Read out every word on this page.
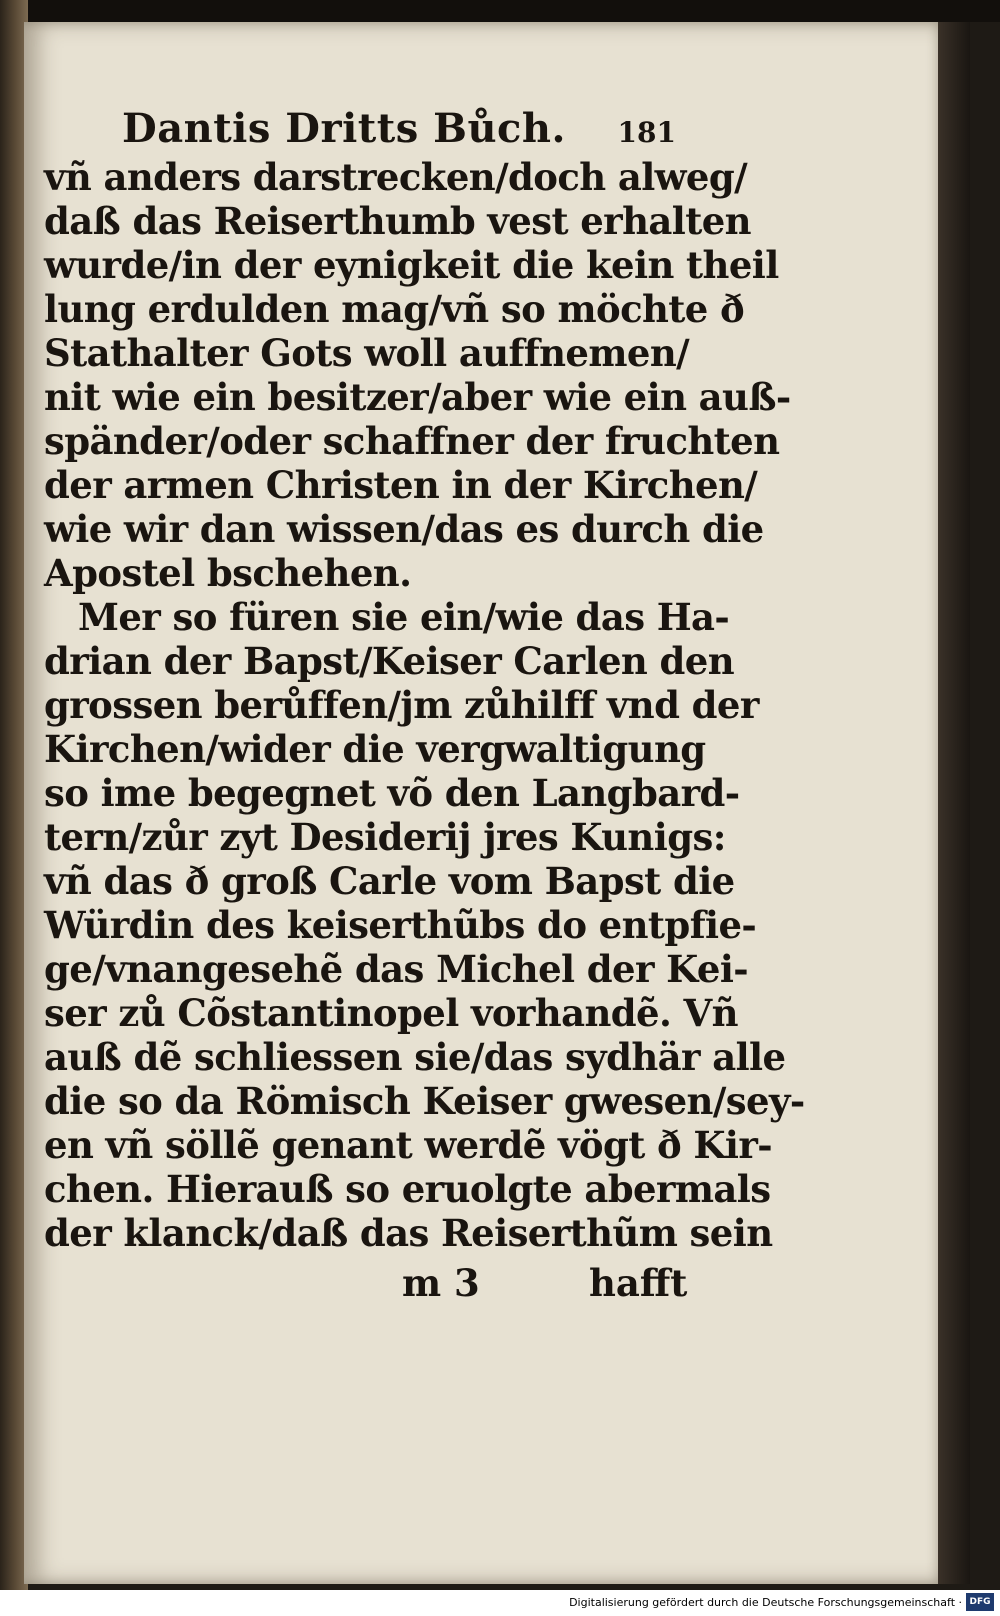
Dantis Dritts Bůch. 181
vñ anders darstrecken/doch alweg/
daß das Reiserthumb vest erhalten
wurde/in der eynigkeit die kein theil
lung erdulden mag/vñ so möchte ð
Stathalter Gots woll auffnemen/
nit wie ein besitzer/aber wie ein auß-
spänder/oder schaffner der fruchten
der armen Christen in der Kirchen/
wie wir dan wissen/das es durch die
Apostel bschehen.
Mer so füren sie ein/wie das Ha-
drian der Bapst/Keiser Carlen den
grossen berůffen/jm zůhilff vnd der
Kirchen/wider die vergwaltigung
so ime begegnet võ den Langbard-
tern/zůr zyt Desiderij jres Kunigs:
vñ das ð groß Carle vom Bapst die
Würdin des keiserthũbs do entpfie-
ge/vnangesehẽ das Michel der Kei-
ser zů Cõstantinopel vorhandẽ. Vñ
auß dẽ schliessen sie/das sydhär alle
die so da Römisch Keiser gwesen/sey-
en vñ söllẽ genant werdẽ vögt ð Kir-
chen. Hierauß so eruolgte abermals
der klanck/daß das Reiserthũm sein
m 3	hafft
Digitalisierung gefördert durch die Deutsche Forschungsgemeinschaft · DFG
